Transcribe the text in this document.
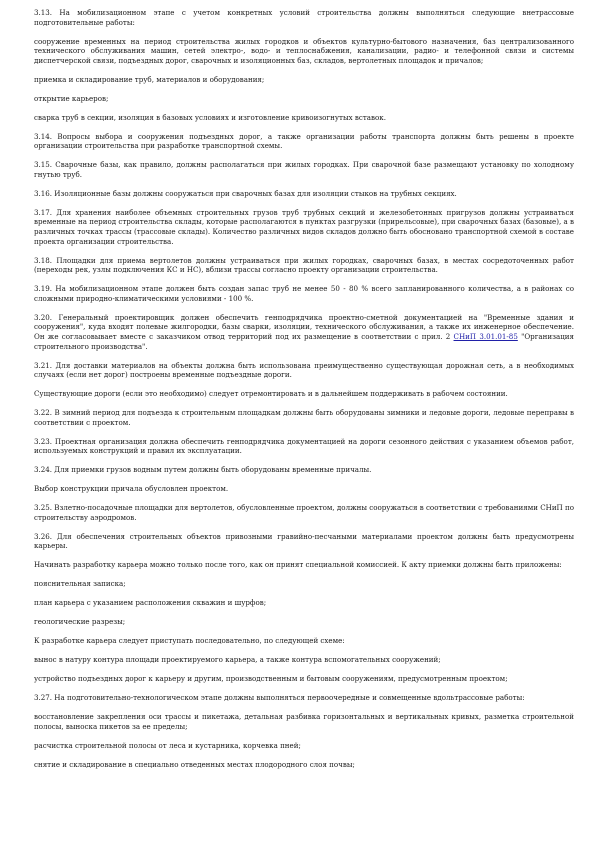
3.13. На мобилизационном этапе с учетом конкретных условий строительства должны выполняться следующие внетрассовые подготовительные работы:

сооружение временных на период строительства жилых городков и объектов культурно-бытового назначения, баз централизованного технического обслуживания машин, сетей электро-, водо- и теплоснабжения, канализации, радио- и телефонной связи и системы диспетчерской связи, подъездных дорог, сварочных и изоляционных баз, складов, вертолетных площадок и причалов;

приемка и складирование труб, материалов и оборудования;

открытие карьеров;

сварка труб в секции, изоляция в базовых условиях и изготовление кривоизогнутых вставок.

3.14. Вопросы выбора и сооружения подъездных дорог, а также организации работы транспорта должны быть решены в проекте организации строительства при разработке транспортной схемы.

3.15. Сварочные базы, как правило, должны располагаться при жилых городках. При сварочной базе размещают установку по холодному гнутью труб.

3.16. Изоляционные базы должны сооружаться при сварочных базах для изоляции стыков на трубных секциях.

3.17. Для хранения наиболее объемных строительных грузов труб трубных секций и железобетонных пригрузов должны устраиваться временные на период строительства склады, которые располагаются в пунктах разгрузки (прирельсовые), при сварочных базах (базовые), а в различных точках трассы (трассовые склады). Количество различных видов складов должно быть обосновано транспортной схемой в составе проекта организации строительства.

3.18. Площадки для приема вертолетов должны устраиваться при жилых городках, сварочных базах, в местах сосредоточенных работ (переходы рек, узлы подключения КС и НС), вблизи трассы согласно проекту организации строительства.

3.19. На мобилизационном этапе должен быть создан запас труб не менее 50 - 80 % всего запланированного количества, а в районах со сложными природно-климатическими условиями - 100 %.

3.20. Генеральный проектировщик должен обеспечить генподрядчика проектно-сметной документацией на "Временные здания и сооружения", куда входят полевые жилгородки, базы сварки, изоляции, технического обслуживания, а также их инженерное обеспечение. Он же согласовывает вместе с заказчиком отвод территорий под их размещение в соответствии с прил. 2 СНиП 3.01.01-85 "Организация строительного производства".

3.21. Для доставки материалов на объекты должна быть использована преимущественно существующая дорожная сеть, а в необходимых случаях (если нет дорог) построены временные подъездные дороги.

Существующие дороги (если это необходимо) следует отремонтировать и в дальнейшем поддерживать в рабочем состоянии.

3.22. В зимний период для подъезда к строительным площадкам должны быть оборудованы зимники и ледовые дороги, ледовые переправы в соответствии с проектом.

3.23. Проектная организация должна обеспечить генподрядчика документацией на дороги сезонного действия с указанием объемов работ, используемых конструкций и правил их эксплуатации.

3.24. Для приемки грузов водным путем должны быть оборудованы временные причалы.

Выбор конструкции причала обусловлен проектом.

3.25. Взлетно-посадочные площадки для вертолетов, обусловленные проектом, должны сооружаться в соответствии с требованиями СНиП по строительству аэродромов.

3.26. Для обеспечения строительных объектов привозными гравийно-песчаными материалами проектом должны быть предусмотрены карьеры.

Начинать разработку карьера можно только после того, как он принят специальной комиссией. К акту приемки должны быть приложены:

пояснительная записка;

план карьера с указанием расположения скважин и шурфов;

геологические разрезы;

К разработке карьера следует приступать последовательно, по следующей схеме:

вынос в натуру контура площади проектируемого карьера, а также контура вспомогательных сооружений;

устройство подъездных дорог к карьеру и другим, производственным и бытовым сооружениям, предусмотренным проектом;

3.27. На подготовительно-технологическом этапе должны выполняться первоочередные и совмещенные вдольтрассовые работы:

восстановление закрепления оси трассы и пикетажа, детальная разбивка горизонтальных и вертикальных кривых, разметка строительной полосы, выноска пикетов за ее пределы;

расчистка строительной полосы от леса и кустарника, корчевка пней;

снятие и складирование в специально отведенных местах плодородного слоя почвы;
